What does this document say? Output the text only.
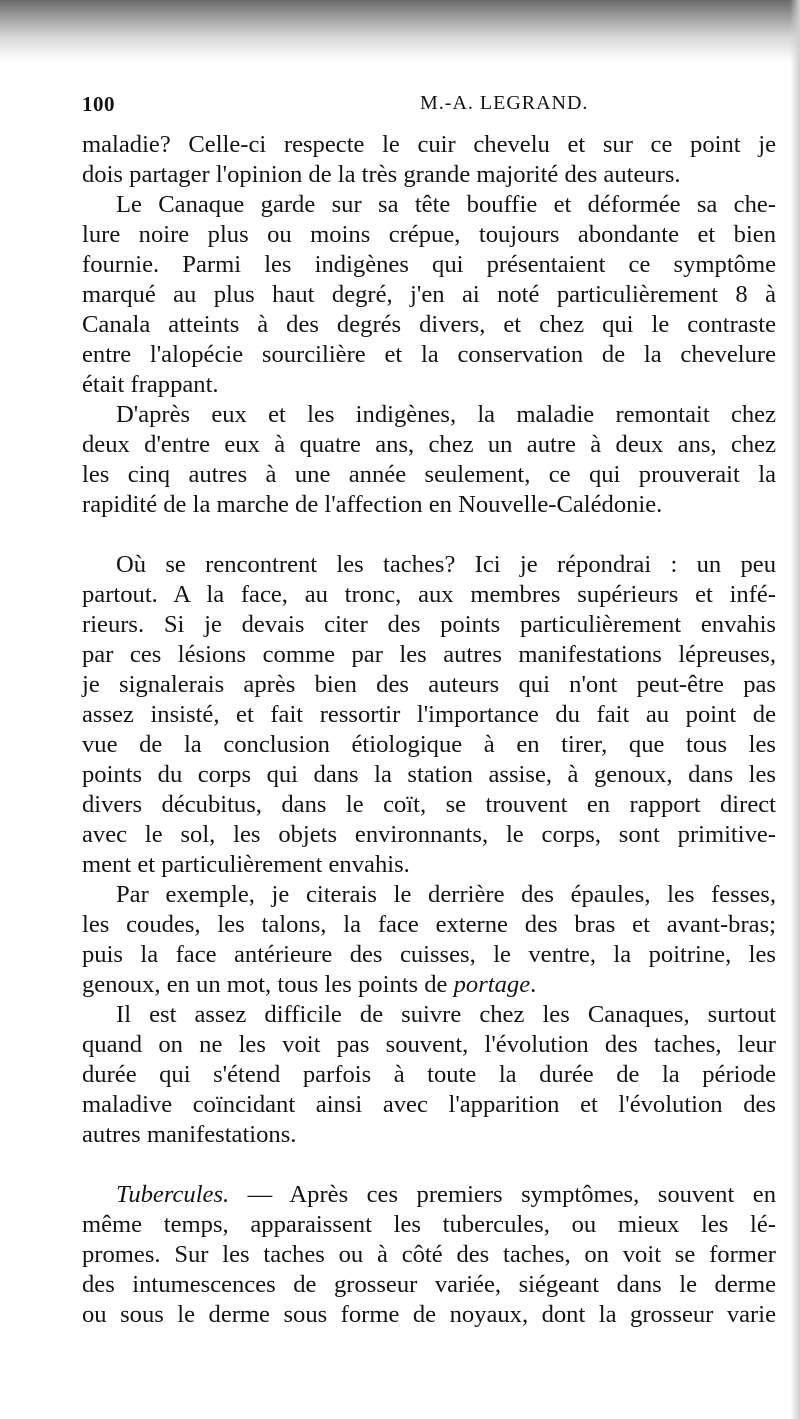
100	M.-A. LEGRAND.
maladie? Celle-ci respecte le cuir chevelu et sur ce point je
dois partager l'opinion de la très grande majorité des auteurs.
Le Canaque garde sur sa tête bouffie et déformée sa che-
lure noire plus ou moins crépue, toujours abondante et bien
fournie. Parmi les indigènes qui présentaient ce symptôme
marqué au plus haut degré, j'en ai noté particulièrement 8 à
Canala atteints à des degrés divers, et chez qui le contraste
entre l'alopécie sourcilière et la conservation de la chevelure
était frappant.
D'après eux et les indigènes, la maladie remontait chez
deux d'entre eux à quatre ans, chez un autre à deux ans, chez
les cinq autres à une année seulement, ce qui prouverait la
rapidité de la marche de l'affection en Nouvelle-Calédonie.
Où se rencontrent les taches? Ici je répondrai : un peu
partout. A la face, au tronc, aux membres supérieurs et infé-
rieurs. Si je devais citer des points particulièrement envahis
par ces lésions comme par les autres manifestations lépreuses,
je signalerais après bien des auteurs qui n'ont peut-être pas
assez insisté, et fait ressortir l'importance du fait au point de
vue de la conclusion étiologique à en tirer, que tous les
points du corps qui dans la station assise, à genoux, dans les
divers décubitus, dans le coït, se trouvent en rapport direct
avec le sol, les objets environnants, le corps, sont primitive-
ment et particulièrement envahis.
Par exemple, je citerais le derrière des épaules, les fesses,
les coudes, les talons, la face externe des bras et avant-bras;
puis la face antérieure des cuisses, le ventre, la poitrine, les
genoux, en un mot, tous les points de portage.
Il est assez difficile de suivre chez les Canaques, surtout
quand on ne les voit pas souvent, l'évolution des taches, leur
durée qui s'étend parfois à toute la durée de la période
maladive coïncidant ainsi avec l'apparition et l'évolution des
autres manifestations.
Tubercules. — Après ces premiers symptômes, souvent en
même temps, apparaissent les tubercules, ou mieux les lé-
promes. Sur les taches ou à côté des taches, on voit se former
des intumescences de grosseur variée, siégeant dans le derme
ou sous le derme sous forme de noyaux, dont la grosseur varie
